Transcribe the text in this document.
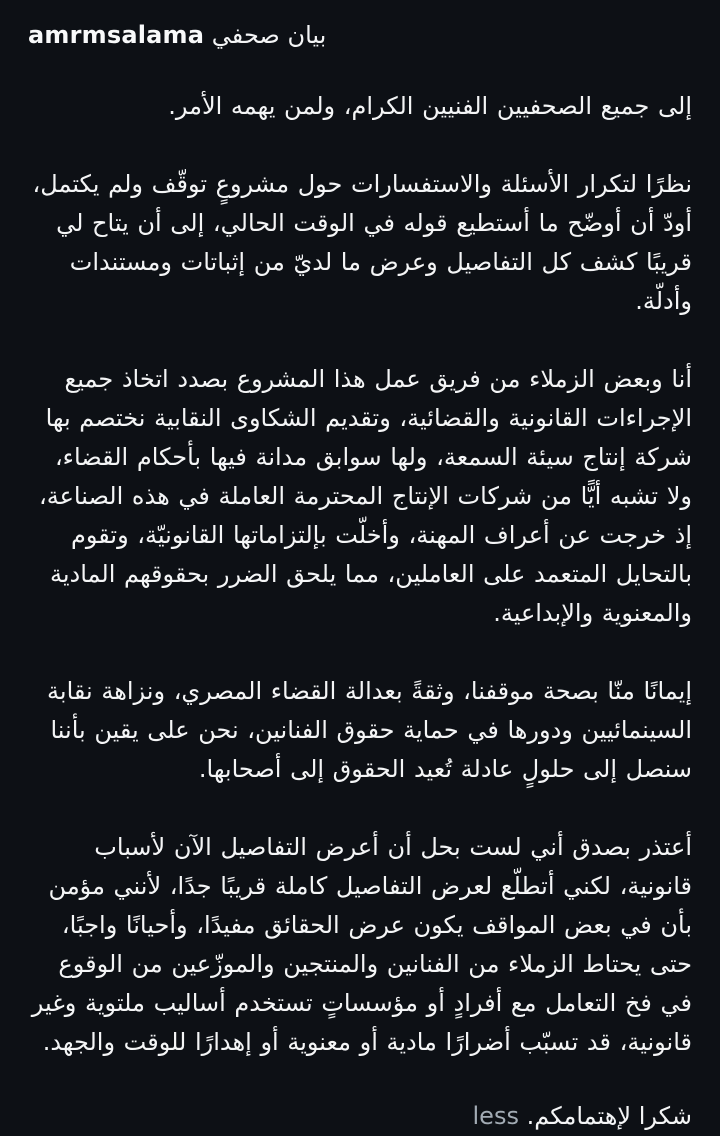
amrmsalama بيان صحفي
إلى جميع الصحفيين الفنيين الكرام، ولمن يهمه الأمر.
نظرًا لتكرار الأسئلة والاستفسارات حول مشروعٍ توقّف ولم يكتمل، أودّ أن أوضّح ما أستطيع قوله في الوقت الحالي، إلى أن يتاح لي قريبًا كشف كل التفاصيل وعرض ما لديّ من إثباتات ومستندات وأدلّة.
أنا وبعض الزملاء من فريق عمل هذا المشروع بصدد اتخاذ جميع الإجراءات القانونية والقضائية، وتقديم الشكاوى النقابية نختصم بها شركة إنتاج سيئة السمعة، ولها سوابق مدانة فيها بأحكام القضاء، ولا تشبه أيًّا من شركات الإنتاج المحترمة العاملة في هذه الصناعة، إذ خرجت عن أعراف المهنة، وأخلّت بإلتزاماتها القانونيّة، وتقوم بالتحايل المتعمد على العاملين، مما يلحق الضرر بحقوقهم المادية والمعنوية والإبداعية.
إيمانًا منّا بصحة موقفنا، وثقةً بعدالة القضاء المصري، ونزاهة نقابة السينمائيين ودورها في حماية حقوق الفنانين، نحن على يقين بأننا سنصل إلى حلولٍ عادلة تُعيد الحقوق إلى أصحابها.
أعتذر بصدق أني لست بحل أن أعرض التفاصيل الآن لأسباب قانونية، لكني أتطلّع لعرض التفاصيل كاملة قريبًا جدًا، لأنني مؤمن بأن في بعض المواقف يكون عرض الحقائق مفيدًا، وأحيانًا واجبًا، حتى يحتاط الزملاء من الفنانين والمنتجين والموزّعين من الوقوع في فخ التعامل مع أفرادٍ أو مؤسساتٍ تستخدم أساليب ملتوية وغير قانونية، قد تسبّب أضرارًا مادية أو معنوية أو إهدارًا للوقت والجهد.
شكرا لإهتمامكم. less
